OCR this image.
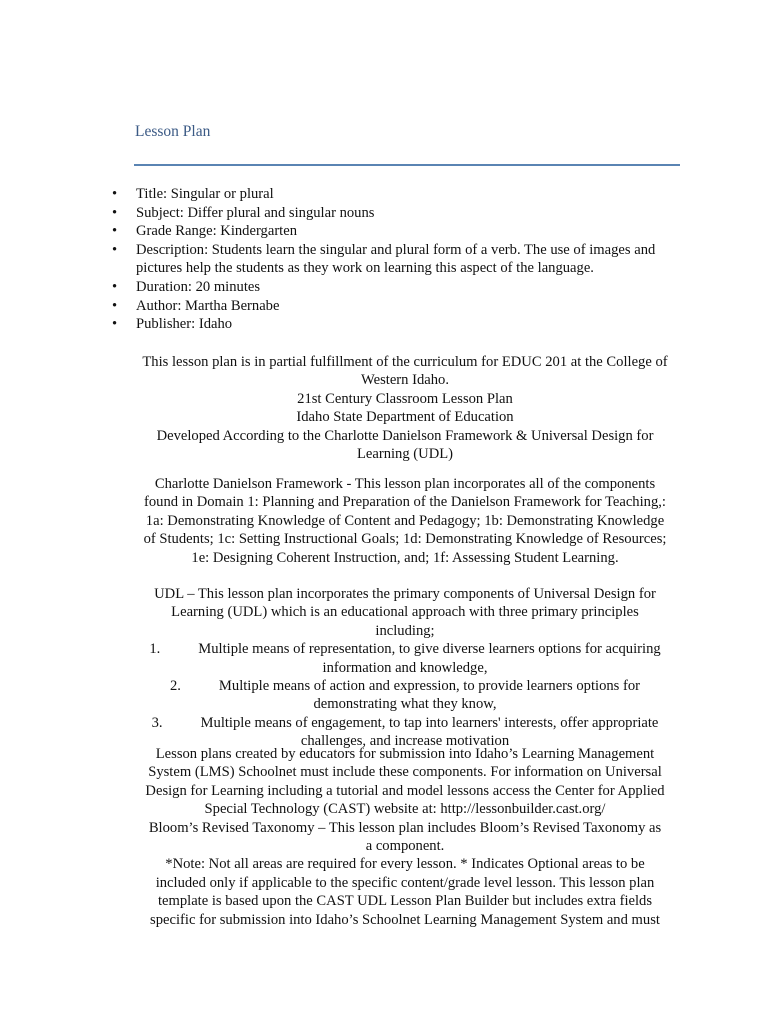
Lesson Plan
• Title: Singular or plural
• Subject: Differ plural and singular nouns
• Grade Range: Kindergarten
• Description: Students learn the singular and plural form of a verb. The use of images and
pictures help the students as they work on learning this aspect of the language.
• Duration: 20 minutes
• Author: Martha Bernabe
• Publisher: Idaho
This lesson plan is in partial fulfillment of the curriculum for EDUC 201 at the College of
Western Idaho.
21st Century Classroom Lesson Plan
Idaho State Department of Education
Developed According to the Charlotte Danielson Framework & Universal Design for
Learning (UDL)
Charlotte Danielson Framework - This lesson plan incorporates all of the components
found in Domain 1: Planning and Preparation of the Danielson Framework for Teaching,:
1a: Demonstrating Knowledge of Content and Pedagogy; 1b: Demonstrating Knowledge
of Students; 1c: Setting Instructional Goals; 1d: Demonstrating Knowledge of Resources;
1e: Designing Coherent Instruction, and; 1f: Assessing Student Learning.
UDL – This lesson plan incorporates the primary components of Universal Design for
Learning (UDL) which is an educational approach with three primary principles
including;
1.	Multiple means of representation, to give diverse learners options for acquiring
information and knowledge,
2.	Multiple means of action and expression, to provide learners options for
demonstrating what they know,
3.	Multiple means of engagement, to tap into learners' interests, offer appropriate
challenges, and increase motivation
Lesson plans created by educators for submission into Idaho’s Learning Management
System (LMS) Schoolnet must include these components. For information on Universal
Design for Learning including a tutorial and model lessons access the Center for Applied
Special Technology (CAST) website at: http://lessonbuilder.cast.org/
Bloom’s Revised Taxonomy – This lesson plan includes Bloom’s Revised Taxonomy as
a component.
*Note: Not all areas are required for every lesson. * Indicates Optional areas to be
included only if applicable to the specific content/grade level lesson. This lesson plan
template is based upon the CAST UDL Lesson Plan Builder but includes extra fields
specific for submission into Idaho’s Schoolnet Learning Management System and must
